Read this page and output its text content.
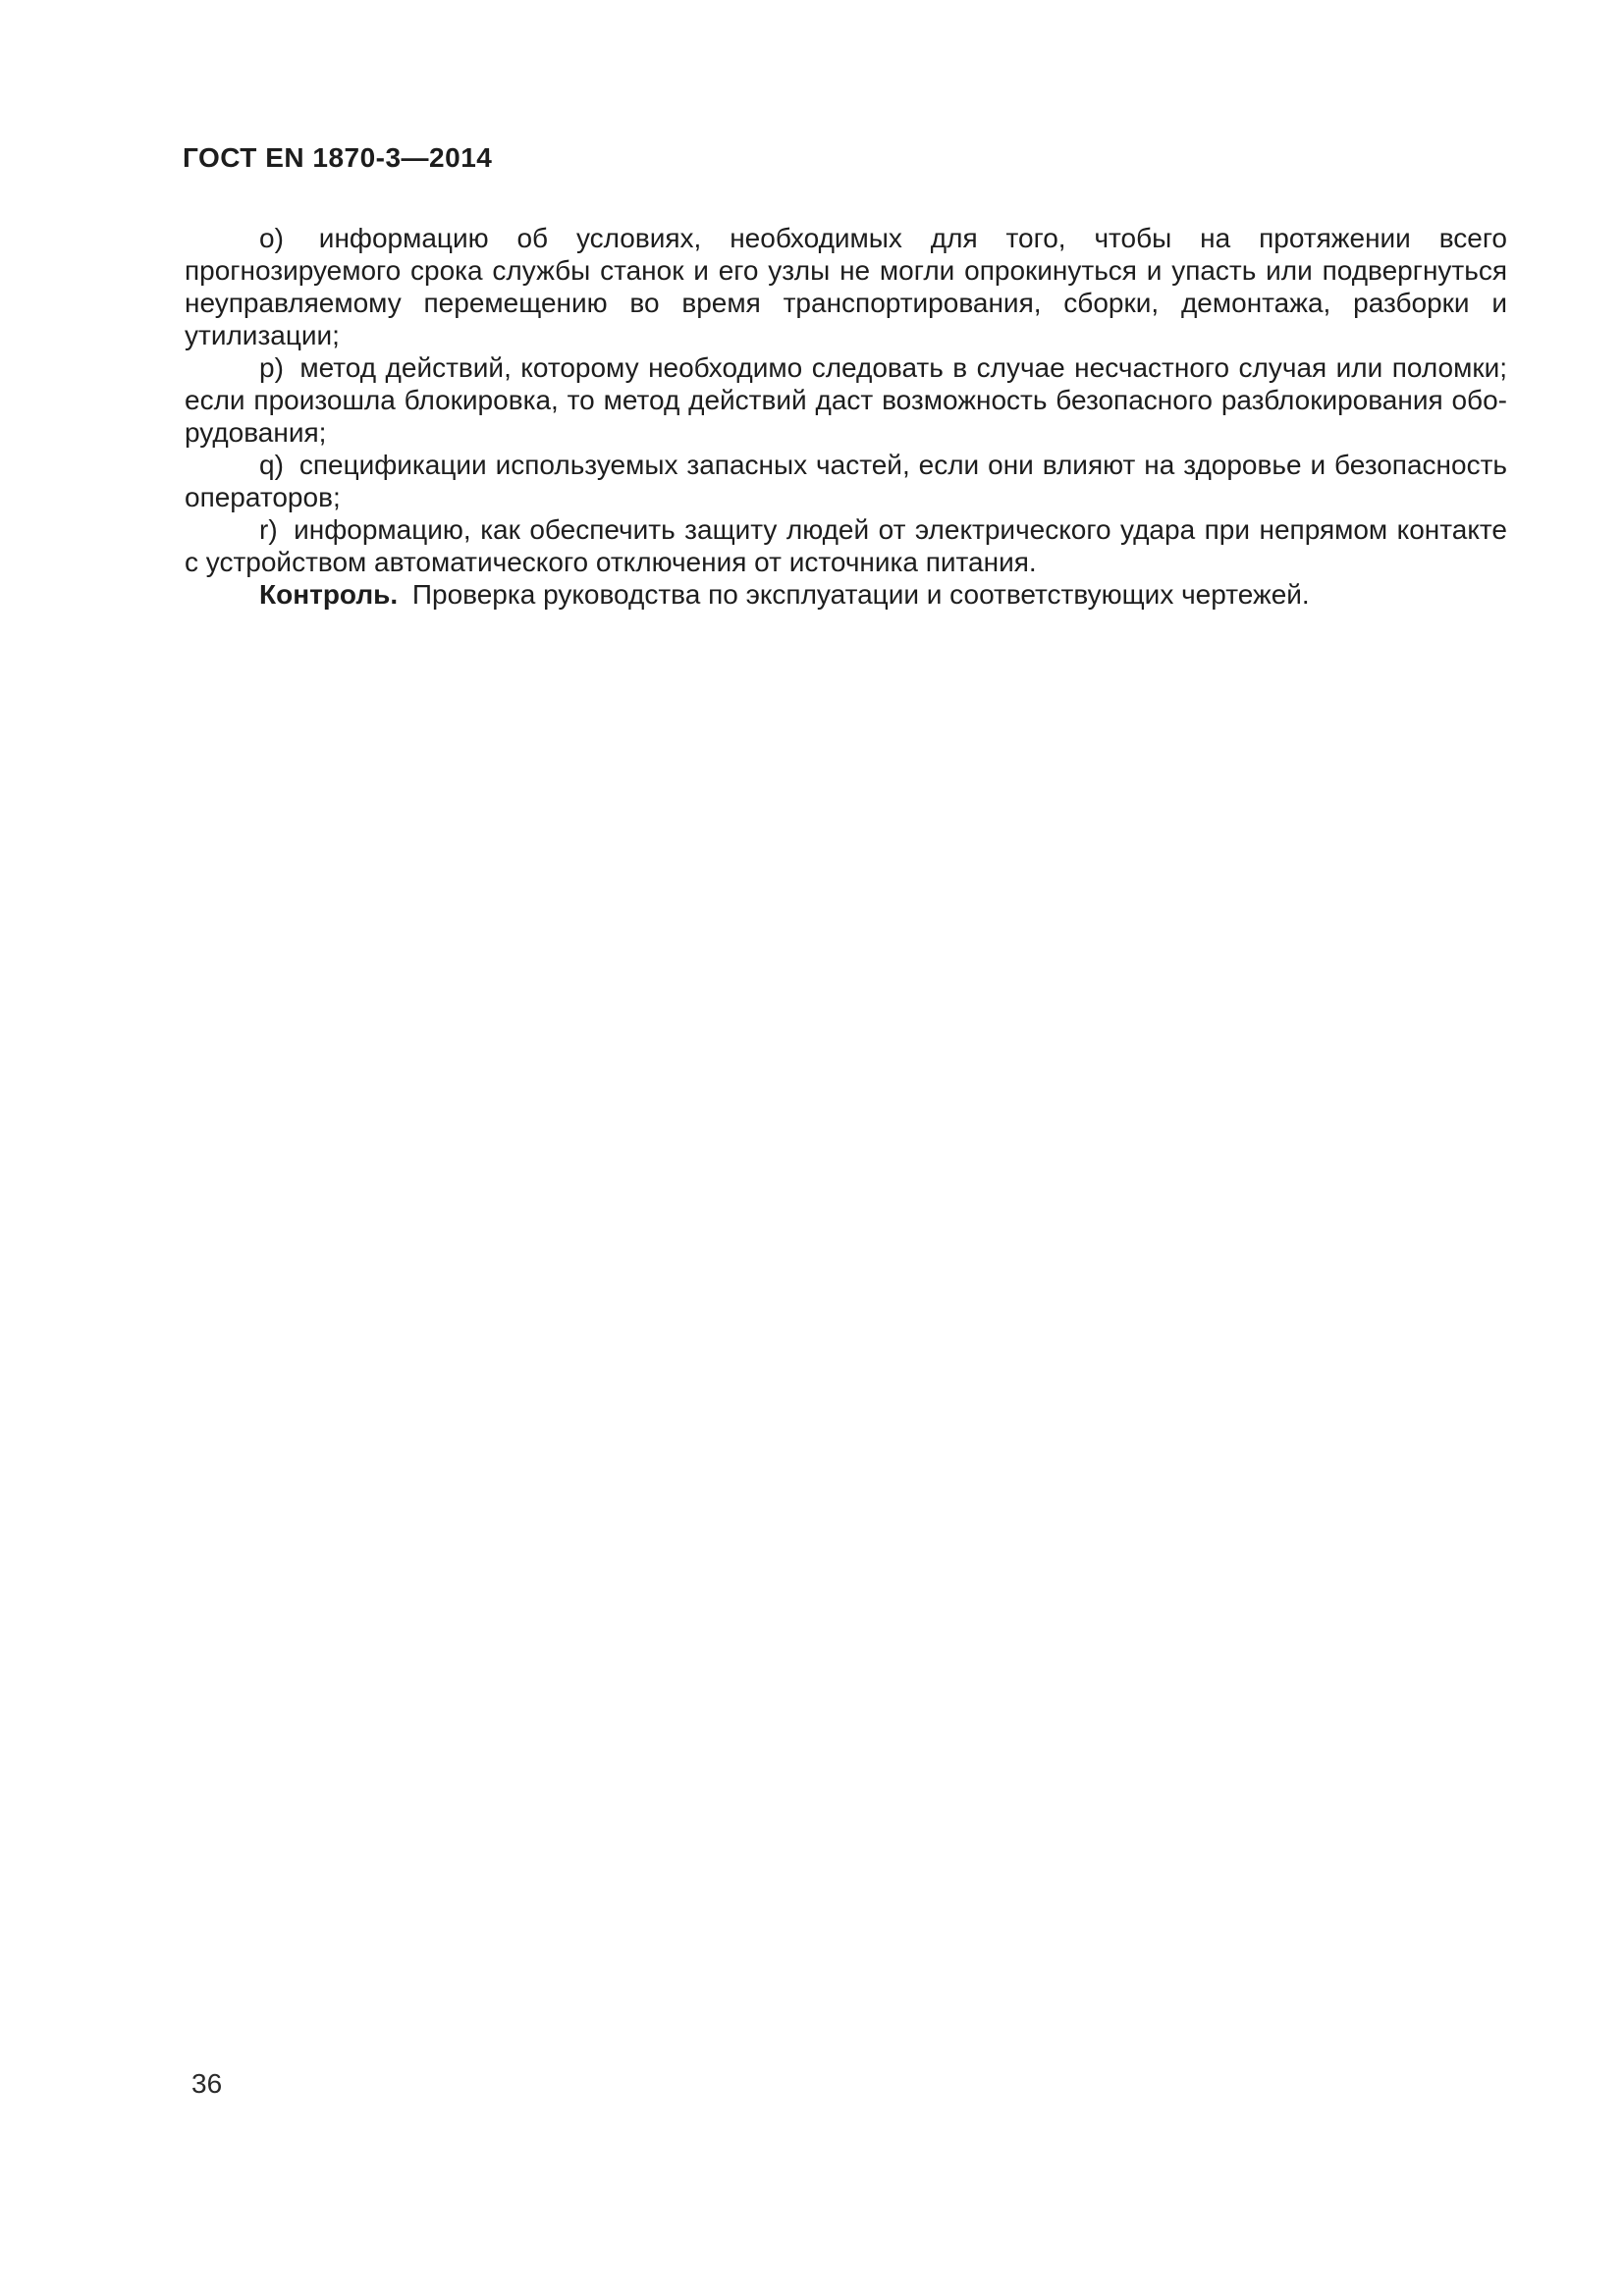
ГОСТ EN 1870-3—2014

o) информацию об условиях, необходимых для того, чтобы на протяжении всего прогнозируемого срока службы станок и его узлы не могли опрокинуться и упасть или подвергнуться неуправляемому перемещению во время транспортирования, сборки, демонтажа, разборки и утилизации;

p) метод действий, которому необходимо следовать в случае несчастного случая или поломки; если произошла блокировка, то метод действий даст возможность безопасного разблокирования оборудования;

q) спецификации используемых запасных частей, если они влияют на здоровье и безопасность операторов;

r) информацию, как обеспечить защиту людей от электрического удара при непрямом контакте с устройством автоматического отключения от источника питания.

Контроль. Проверка руководства по эксплуатации и соответствующих чертежей.

36
